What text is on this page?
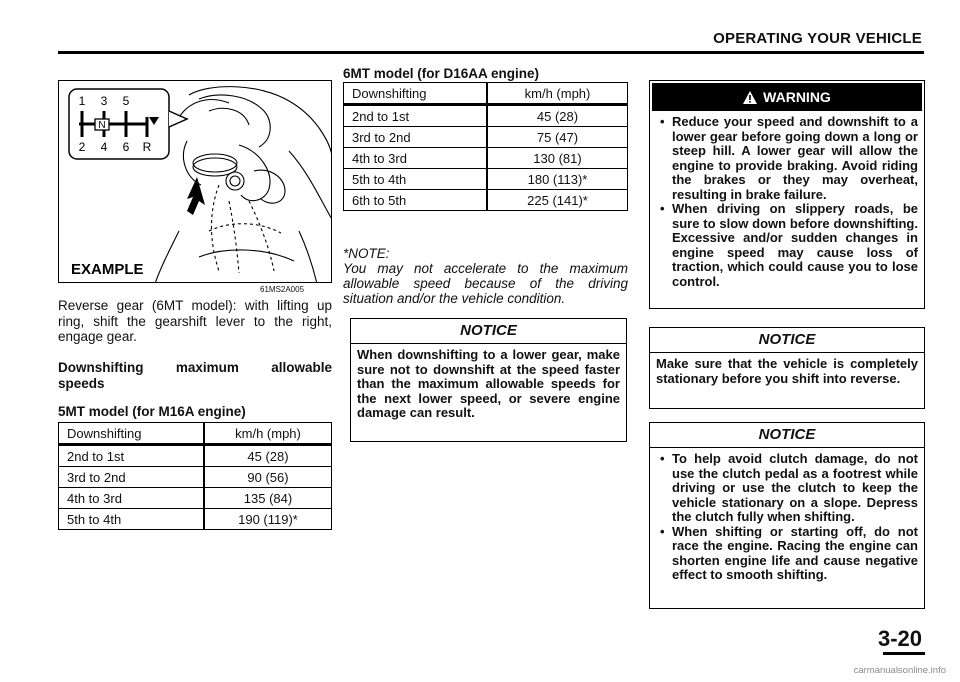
OPERATING YOUR VEHICLE
N
1 3 5
2 4 6 R
EXAMPLE
61MS2A005
Reverse gear (6MT model): with lifting up ring, shift the gearshift lever to the right, engage gear.
Downshifting maximum allowable
speeds
5MT model (for M16A engine)
Downshifting	km/h (mph)
2nd to 1st	45 (28)
3rd to 2nd	90 (56)
4th to 3rd	135 (84)
5th to 4th	190 (119)*
6MT model (for D16AA engine)
Downshifting	km/h (mph)
2nd to 1st	45 (28)
3rd to 2nd	75 (47)
4th to 3rd	130 (81)
5th to 4th	180 (113)*
6th to 5th	225 (141)*
*NOTE:
You may not accelerate to the maximum allowable speed because of the driving situation and/or the vehicle condition.
NOTICE
When downshifting to a lower gear, make sure not to downshift at the speed faster than the maximum allowable speeds for the next lower speed, or severe engine damage can result.
WARNING
• Reduce your speed and downshift to a lower gear before going down a long or steep hill. A lower gear will allow the engine to provide braking. Avoid riding the brakes or they may overheat, resulting in brake failure.
• When driving on slippery roads, be sure to slow down before downshifting. Excessive and/or sudden changes in engine speed may cause loss of traction, which could cause you to lose control.
NOTICE
Make sure that the vehicle is completely stationary before you shift into reverse.
NOTICE
• To help avoid clutch damage, do not use the clutch pedal as a footrest while driving or use the clutch to keep the vehicle stationary on a slope. Depress the clutch fully when shifting.
• When shifting or starting off, do not race the engine. Racing the engine can shorten engine life and cause negative effect to smooth shifting.
3-20
carmanualsonline.info
